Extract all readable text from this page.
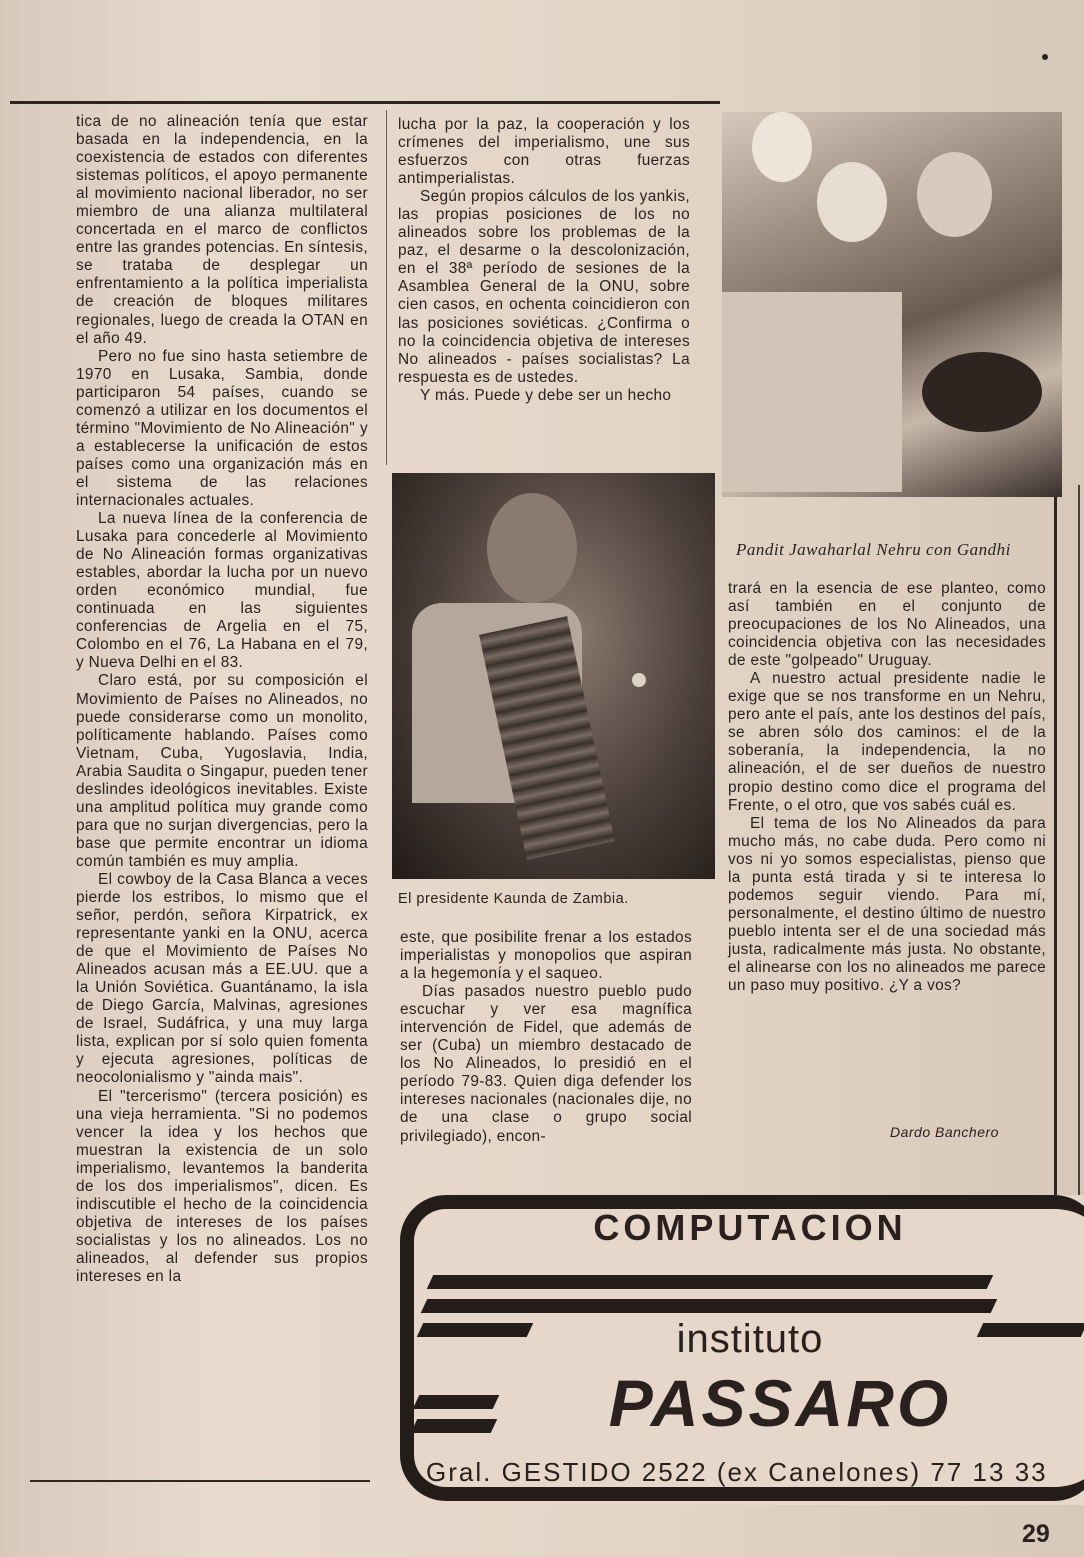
tica de no alineación tenía que estar basada en la independencia, en la coexistencia de estados con diferentes sistemas políticos, el apoyo permanente al movimiento nacional liberador, no ser miembro de una alianza multilateral concertada en el marco de conflictos entre las grandes potencias. En síntesis, se trataba de desplegar un enfrentamiento a la política imperialista de creación de bloques militares regionales, luego de creada la OTAN en el año 49.

Pero no fue sino hasta setiembre de 1970 en Lusaka, Sambia, donde participaron 54 países, cuando se comenzó a utilizar en los documentos el término "Movimiento de No Alineación" y a establecerse la unificación de estos países como una organización más en el sistema de las relaciones internacionales actuales.

La nueva línea de la conferencia de Lusaka para concederle al Movimiento de No Alineación formas organizativas estables, abordar la lucha por un nuevo orden económico mundial, fue continuada en las siguientes conferencias de Argelia en el 75, Colombo en el 76, La Habana en el 79, y Nueva Delhi en el 83.

Claro está, por su composición el Movimiento de Países no Alineados, no puede considerarse como un monolito, políticamente hablando. Países como Vietnam, Cuba, Yugoslavia, India, Arabia Saudita o Singapur, pueden tener deslindes ideológicos inevitables. Existe una amplitud política muy grande como para que no surjan divergencias, pero la base que permite encontrar un idioma común también es muy amplia.

El cowboy de la Casa Blanca a veces pierde los estribos, lo mismo que el señor, perdón, señora Kirpatrick, ex representante yanki en la ONU, acerca de que el Movimiento de Países No Alineados acusan más a EE.UU. que a la Unión Soviética. Guantánamo, la isla de Diego García, Malvinas, agresiones de Israel, Sudáfrica, y una muy larga lista, explican por sí solo quien fomenta y ejecuta agresiones, políticas de neocolonialismo y "ainda mais".

El "tercerismo" (tercera posición) es una vieja herramienta. "Si no podemos vencer la idea y los hechos que muestran la existencia de un solo imperialismo, levantemos la banderita de los dos imperialismos", dicen. Es indiscutible el hecho de la coincidencia objetiva de intereses de los países socialistas y los no alineados. Los no alineados, al defender sus propios intereses en la

lucha por la paz, la cooperación y los crímenes del imperialismo, une sus esfuerzos con otras fuerzas antimperialistas.

Según propios cálculos de los yankis, las propias posiciones de los no alineados sobre los problemas de la paz, el desarme o la descolonización, en el 38ª período de sesiones de la Asamblea General de la ONU, sobre cien casos, en ochenta coincidieron con las posiciones soviéticas. ¿Confirma o no la coincidencia objetiva de intereses No alineados - países socialistas? La respuesta es de ustedes.

Y más. Puede y debe ser un hecho

Pandit Jawaharlal Nehru con Gandhi
El presidente Kaunda de Zambia.

este, que posibilite frenar a los estados imperialistas y monopolios que aspiran a la hegemonía y el saqueo.

Días pasados nuestro pueblo pudo escuchar y ver esa magnífica intervención de Fidel, que además de ser (Cuba) un miembro destacado de los No Alineados, lo presidió en el período 79-83. Quien diga defender los intereses nacionales (nacionales dije, no de una clase o grupo social privilegiado), encon-

trará en la esencia de ese planteo, como así también en el conjunto de preocupaciones de los No Alineados, una coincidencia objetiva con las necesidades de este "golpeado" Uruguay.

A nuestro actual presidente nadie le exige que se nos transforme en un Nehru, pero ante el país, ante los destinos del país, se abren sólo dos caminos: el de la soberanía, la independencia, la no alineación, el de ser dueños de nuestro propio destino como dice el programa del Frente, o el otro, que vos sabés cuál es.

El tema de los No Alineados da para mucho más, no cabe duda. Pero como ni vos ni yo somos especialistas, pienso que la punta está tirada y si te interesa lo podemos seguir viendo. Para mí, personalmente, el destino último de nuestro pueblo intenta ser el de una sociedad más justa, radicalmente más justa. No obstante, el alinearse con los no alineados me parece un paso muy positivo. ¿Y a vos?

Dardo Banchero
COMPUTACION
instituto
PASSARO
Gral. GESTIDO 2522 (ex Canelones) 77 13 33
29
